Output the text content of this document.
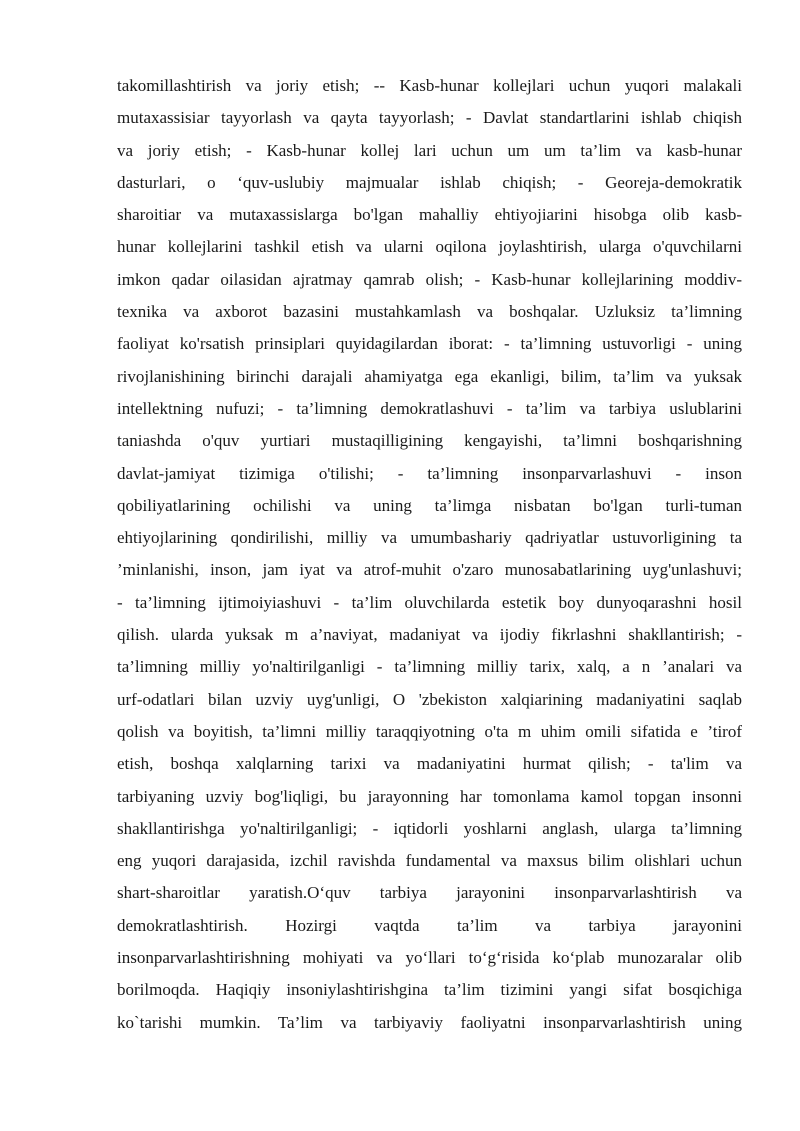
takomillashtirish va joriy etish; -- Kasb-hunar kollejlari uchun yuqori malakali
mutaxassisiar tayyorlash va qayta tayyorlash; - Davlat standartlarini ishlab chiqish
va joriy etish; - Kasb-hunar kollej lari uchun um um ta’lim va kasb-hunar
dasturlari, o ‘quv-uslubiy majmualar ishlab chiqish; - Georeja-demokratik
sharoitiar va mutaxassislarga bo'lgan mahalliy ehtiyojiarini hisobga olib kasb-
hunar kollejlarini tashkil etish va ularni oqilona joylashtirish, ularga o'quvchilarni
imkon qadar oilasidan ajratmay qamrab olish; - Kasb-hunar kollejlarining moddiv-
texnika va axborot bazasini mustahkamlash va boshqalar. Uzluksiz ta’limning
faoliyat ko'rsatish prinsiplari quyidagilardan iborat: - ta’limning ustuvorligi - uning
rivojlanishining birinchi darajali ahamiyatga ega ekanligi, bilim, ta’lim va yuksak
intellektning nufuzi; - ta’limning demokratlashuvi - ta’lim va tarbiya uslublarini
taniashda o'quv yurtiari mustaqilligining kengayishi, ta’limni boshqarishning
davlat-jamiyat tizimiga o'tilishi; - ta’limning insonparvarlashuvi - inson
qobiliyatlarining ochilishi va uning ta’limga nisbatan bo'lgan turli-tuman
ehtiyojlarining qondirilishi, milliy va umumbashariy qadriyatlar ustuvorligining ta
’minlanishi, inson, jam iyat va atrof-muhit o'zaro munosabatlarining uyg'unlashuvi;
- ta’limning ijtimoiyiashuvi - ta’lim oluvchilarda estetik boy dunyoqarashni hosil
qilish. ularda yuksak m a’naviyat, madaniyat va ijodiy fikrlashni shakllantirish; -
ta’limning milliy yo'naltirilganligi - ta’limning milliy tarix, xalq, a n ’analari va
urf-odatlari bilan uzviy uyg'unligi, O 'zbekiston xalqiarining madaniyatini saqlab
qolish va boyitish, ta’limni milliy taraqqiyotning o'ta m uhim omili sifatida e ’tirof
etish, boshqa xalqlarning tarixi va madaniyatini hurmat qilish; - ta'lim va
tarbiyaning uzviy bog'liqligi, bu jarayonning har tomonlama kamol topgan insonni
shakllantirishga yo'naltirilganligi; - iqtidorli yoshlarni anglash, ularga ta’limning
eng yuqori darajasida, izchil ravishda fundamental va maxsus bilim olishlari uchun
shart-sharoitlar yaratish.O‘quv tarbiya jarayonini insonparvarlashtirish va
demokratlashtirish. Hozirgi vaqtda ta’lim va tarbiya jarayonini
insonparvarlashtirishning mohiyati va yo‘llari to‘g‘risida ko‘plab munozaralar olib
borilmoqda. Haqiqiy insoniylashtirishgina ta’lim tizimini yangi sifat bosqichiga
ko`tarishi mumkin. Ta’lim va tarbiyaviy faoliyatni insonparvarlashtirish uning
